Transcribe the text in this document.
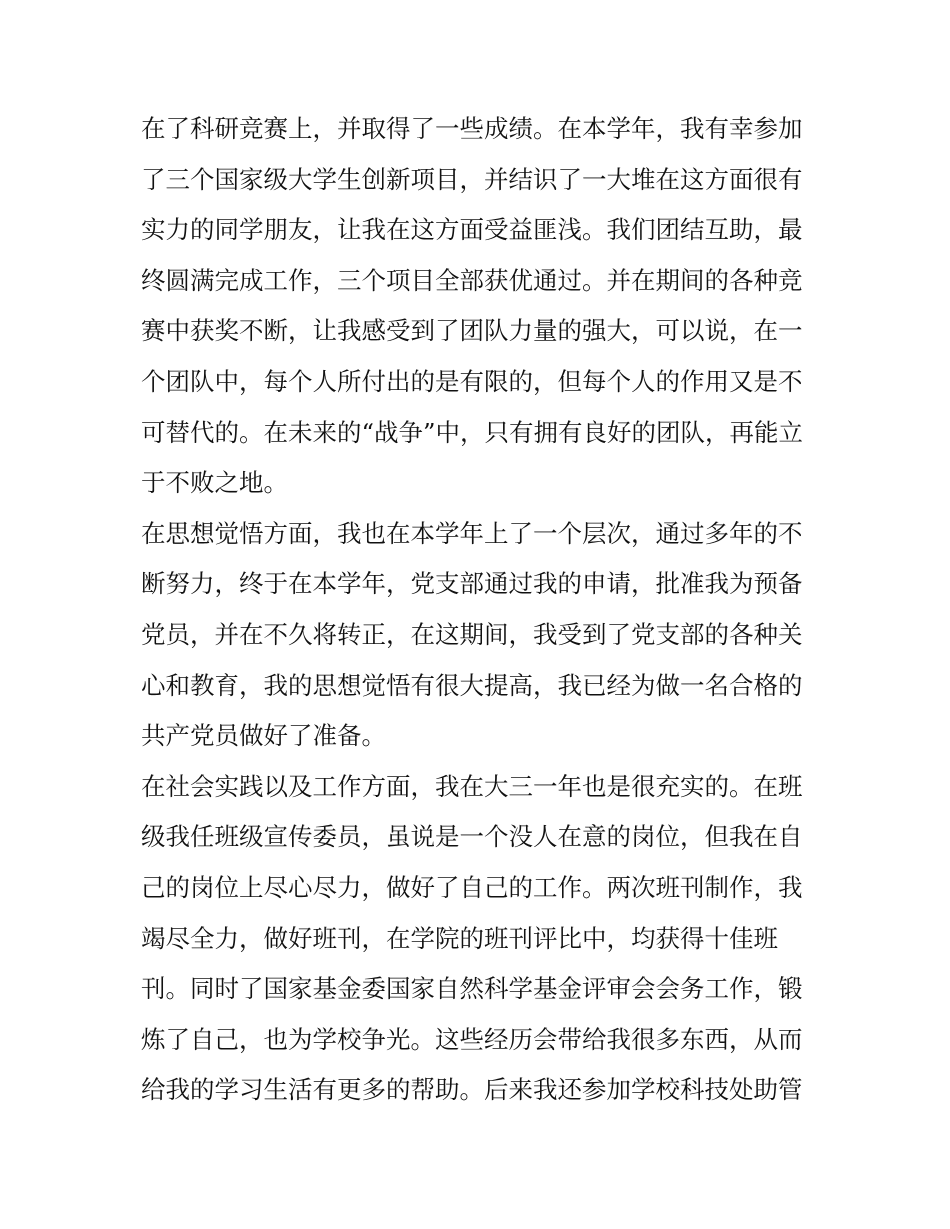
在了科研竞赛上，并取得了一些成绩。在本学年，我有幸参加
了三个国家级大学生创新项目，并结识了一大堆在这方面很有
实力的同学朋友，让我在这方面受益匪浅。我们团结互助，最
终圆满完成工作，三个项目全部获优通过。并在期间的各种竞
赛中获奖不断，让我感受到了团队力量的强大，可以说，在一
个团队中，每个人所付出的是有限的，但每个人的作用又是不
可替代的。在未来的“战争”中，只有拥有良好的团队，再能立
于不败之地。
在思想觉悟方面，我也在本学年上了一个层次，通过多年的不
断努力，终于在本学年，党支部通过我的申请，批准我为预备
党员，并在不久将转正，在这期间，我受到了党支部的各种关
心和教育，我的思想觉悟有很大提高，我已经为做一名合格的
共产党员做好了准备。
在社会实践以及工作方面，我在大三一年也是很充实的。在班
级我任班级宣传委员，虽说是一个没人在意的岗位，但我在自
己的岗位上尽心尽力，做好了自己的工作。两次班刊制作，我
竭尽全力，做好班刊，在学院的班刊评比中，均获得十佳班
刊。同时了国家基金委国家自然科学基金评审会会务工作，锻
炼了自己，也为学校争光。这些经历会带给我很多东西，从而
给我的学习生活有更多的帮助。后来我还参加学校科技处助管
